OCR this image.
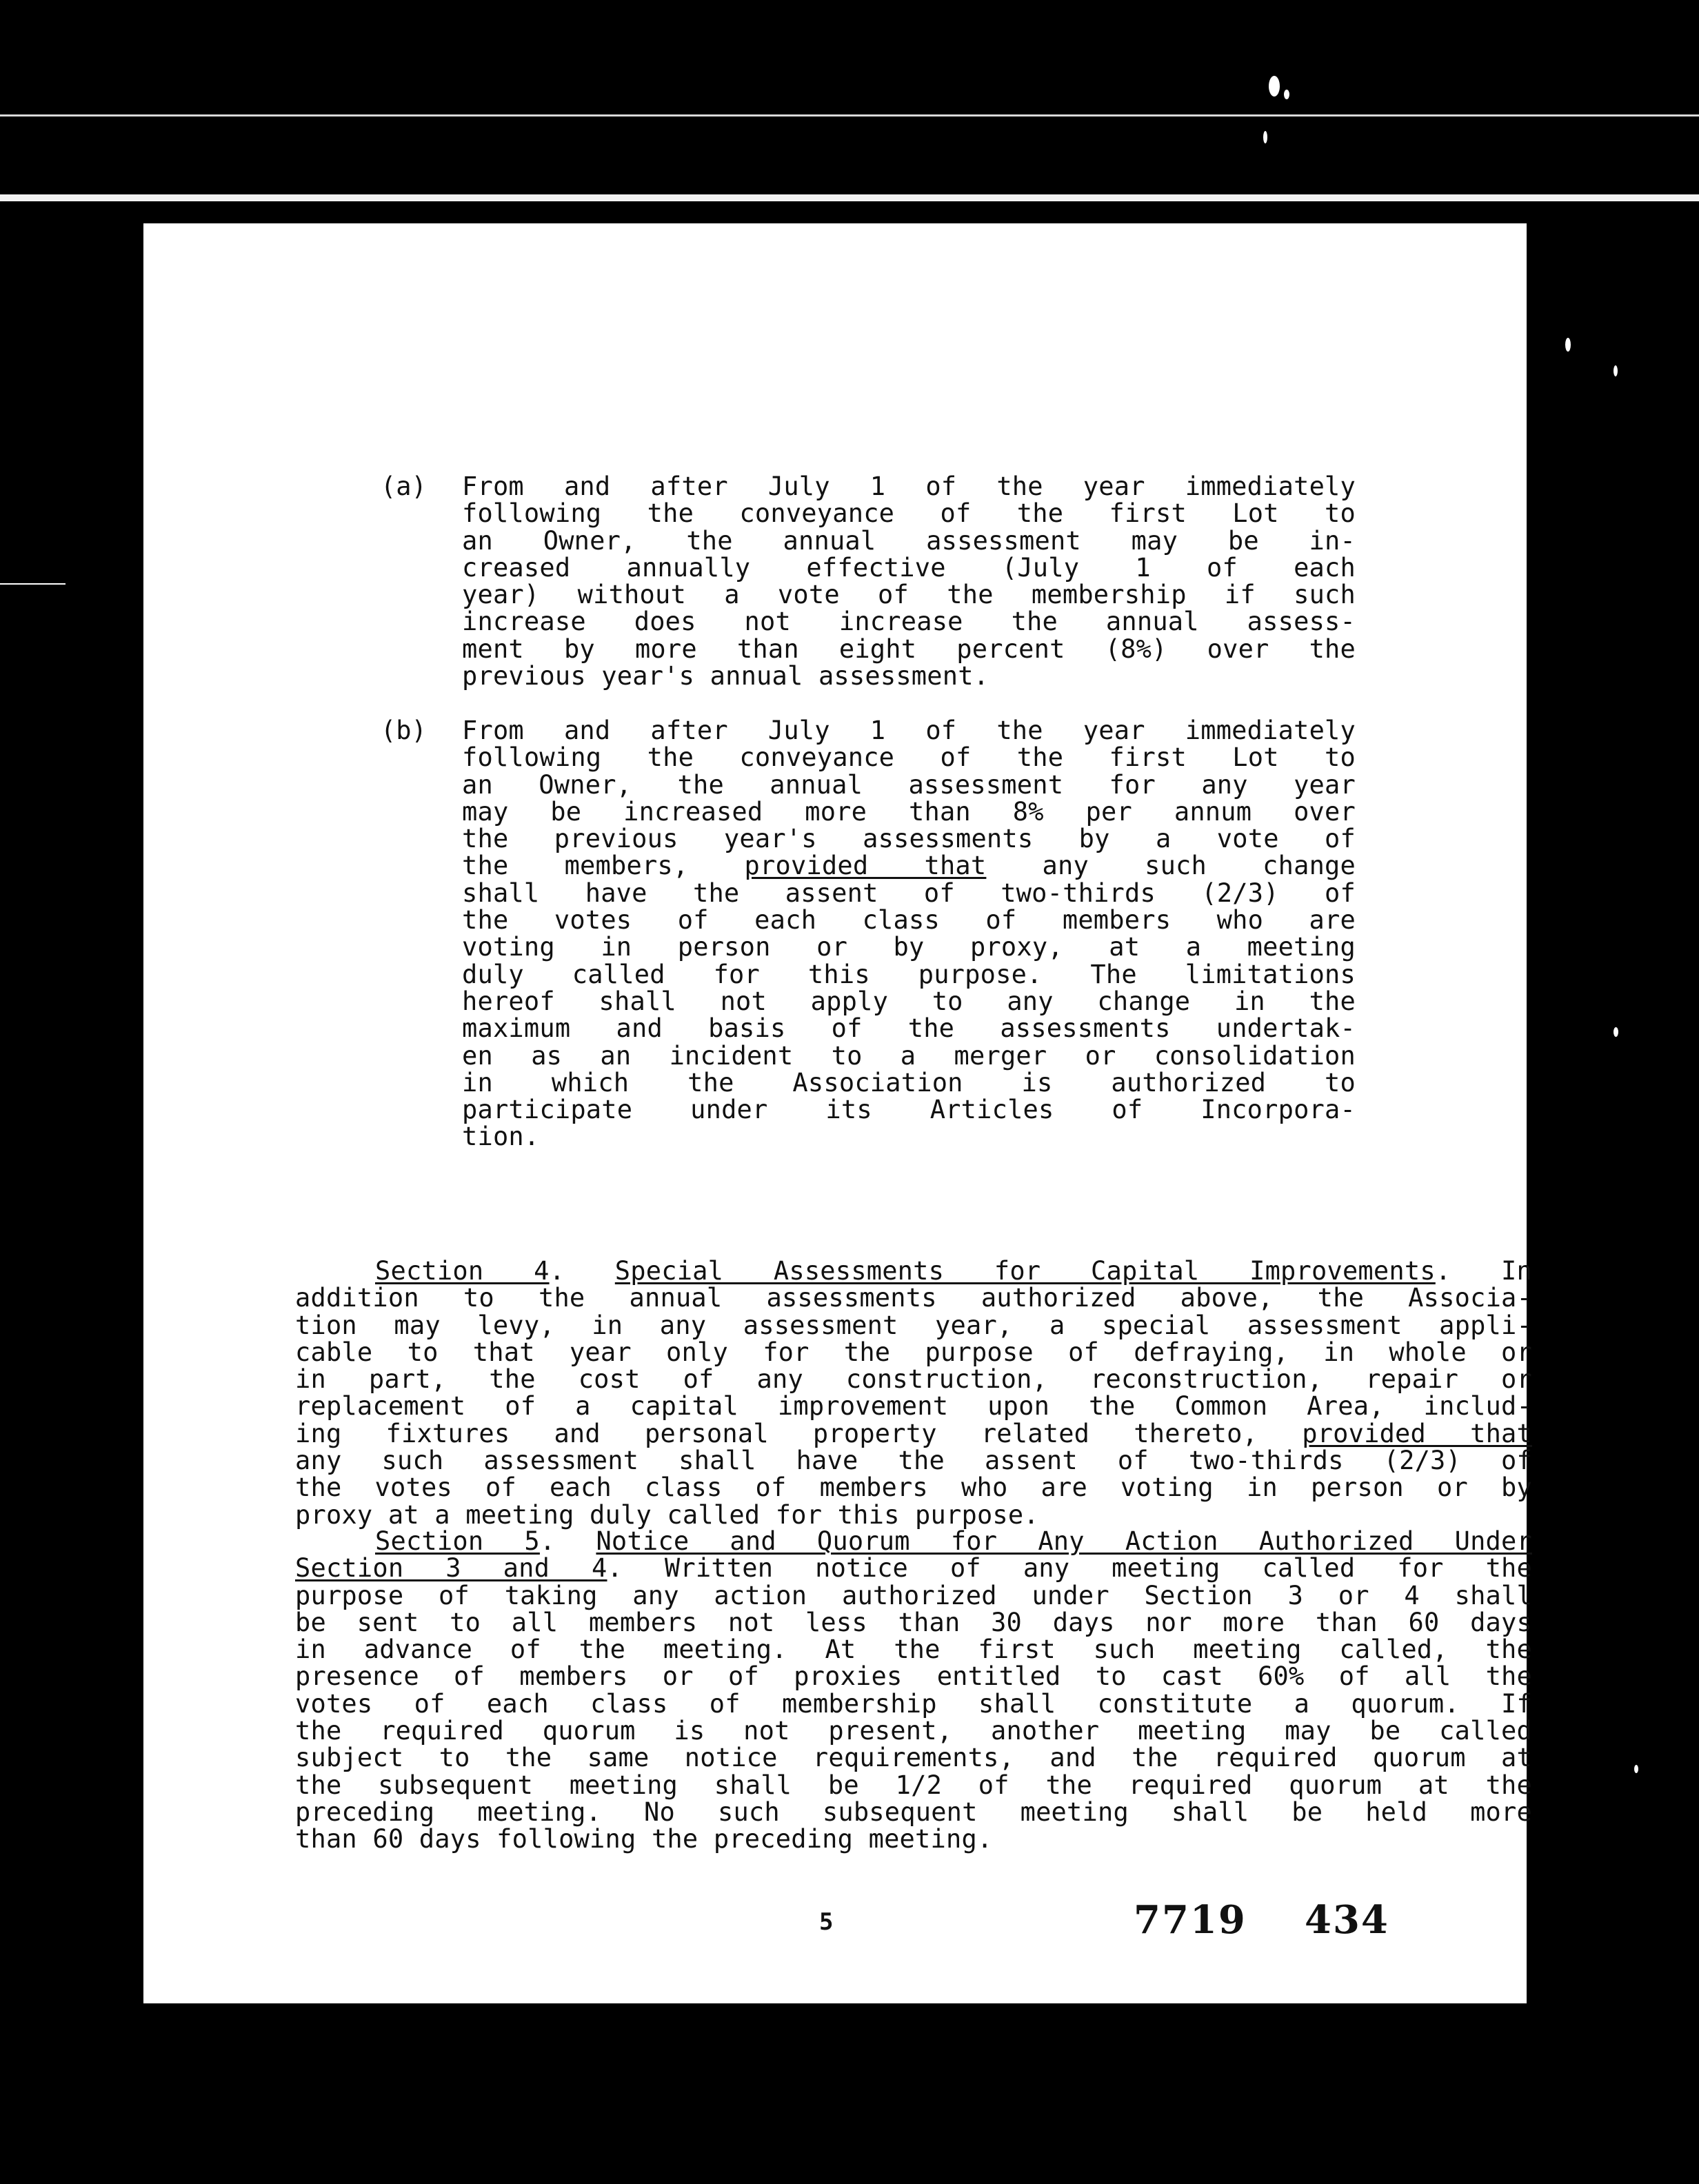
(a) From and after July 1 of the year immediately
following the conveyance of the first Lot to
an Owner, the annual assessment may be in-
creased annually effective (July 1 of each
year) without a vote of the membership if such
increase does not increase the annual assess-
ment by more than eight percent (8%) over the
previous year's annual assessment.
(b) From and after July 1 of the year immediately
following the conveyance of the first Lot to
an Owner, the annual assessment for any year
may be increased more than 8% per annum over
the previous year's assessments by a vote of
the members, provided that any such change
shall have the assent of two-thirds (2/3) of
the votes of each class of members who are
voting in person or by proxy, at a meeting
duly called for this purpose. The limitations
hereof shall not apply to any change in the
maximum and basis of the assessments undertak-
en as an incident to a merger or consolidation
in which the Association is authorized to
participate under its Articles of Incorpora-
tion.
Section 4. Special Assessments for Capital Improvements. In
addition to the annual assessments authorized above, the Associa-
tion may levy, in any assessment year, a special assessment appli-
cable to that year only for the purpose of defraying, in whole or
in part, the cost of any construction, reconstruction, repair or
replacement of a capital improvement upon the Common Area, includ-
ing fixtures and personal property related thereto, provided that
any such assessment shall have the assent of two-thirds (2/3) of
the votes of each class of members who are voting in person or by
proxy at a meeting duly called for this purpose.
Section 5. Notice and Quorum for Any Action Authorized Under
Section 3 and 4. Written notice of any meeting called for the
purpose of taking any action authorized under Section 3 or 4 shall
be sent to all members not less than 30 days nor more than 60 days
in advance of the meeting. At the first such meeting called, the
presence of members or of proxies entitled to cast 60% of all the
votes of each class of membership shall constitute a quorum. If
the required quorum is not present, another meeting may be called
subject to the same notice requirements, and the required quorum at
the subsequent meeting shall be 1/2 of the required quorum at the
preceding meeting. No such subsequent meeting shall be held more
than 60 days following the preceding meeting.
5	7719 434
